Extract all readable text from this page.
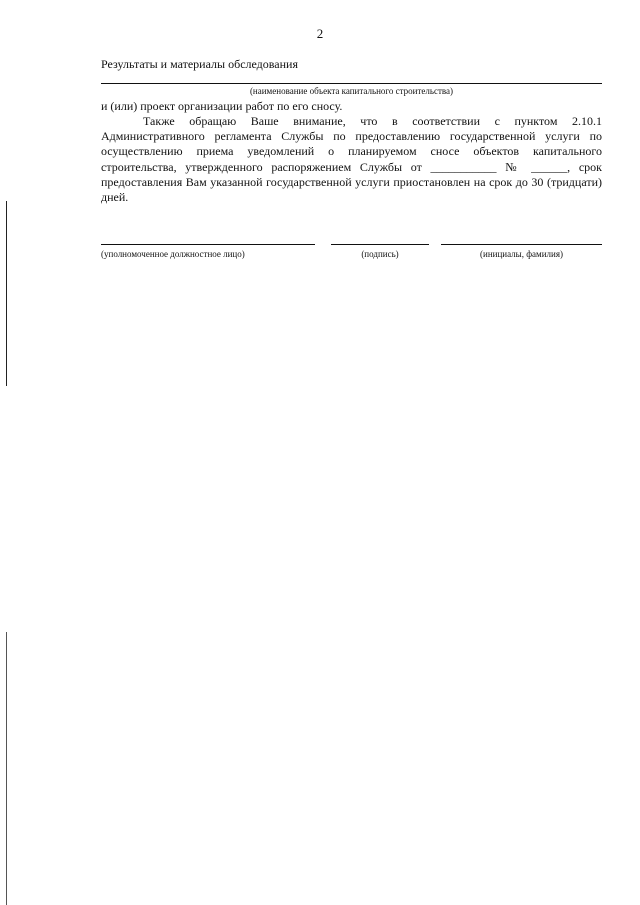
2
Результаты и материалы обследования
(наименование объекта капитального строительства)
и (или) проект организации работ по его сносу.

Также обращаю Ваше внимание, что в соответствии с пунктом 2.10.1 Административного регламента Службы по предоставлению государственной услуги по осуществлению приема уведомлений о планируемом сносе объектов капитального строительства, утвержденного распоряжением Службы от ___________ № ______, срок предоставления Вам указанной государственной услуги приостановлен на срок до 30 (тридцати) дней.

(уполномоченное должностное лицо)	(подпись)	(инициалы, фамилия)
